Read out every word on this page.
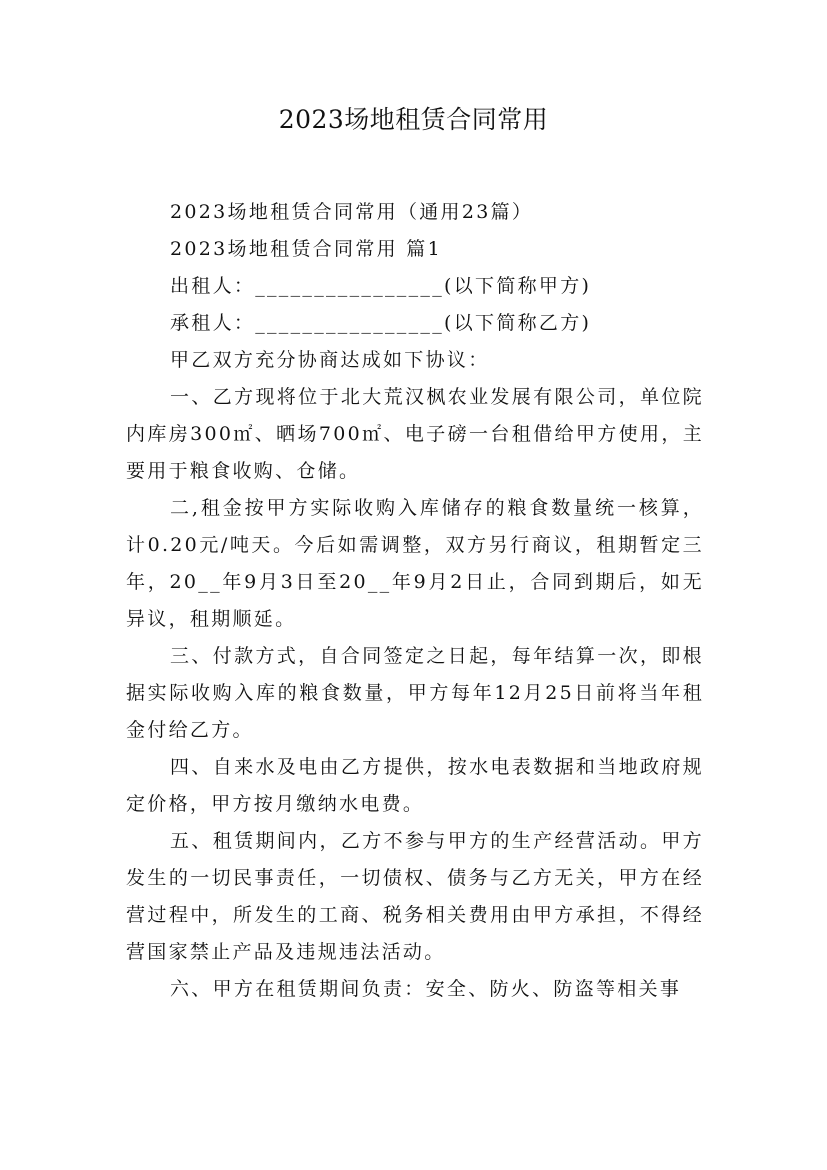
2023场地租赁合同常用

2023场地租赁合同常用（通用23篇）

2023场地租赁合同常用 篇1

出租人：________________(以下简称甲方)

承租人：________________(以下简称乙方)

甲乙双方充分协商达成如下协议：

一、乙方现将位于北大荒汉枫农业发展有限公司，单位院内库房300㎡、晒场700㎡、电子磅一台租借给甲方使用，主要用于粮食收购、仓储。

二,租金按甲方实际收购入库储存的粮食数量统一核算，计0.20元/吨天。今后如需调整，双方另行商议，租期暂定三年，20__年9月3日至20__年9月2日止，合同到期后，如无异议，租期顺延。

三、付款方式，自合同签定之日起，每年结算一次，即根据实际收购入库的粮食数量，甲方每年12月25日前将当年租金付给乙方。

四、自来水及电由乙方提供，按水电表数据和当地政府规定价格，甲方按月缴纳水电费。

五、租赁期间内，乙方不参与甲方的生产经营活动。甲方发生的一切民事责任，一切债权、债务与乙方无关，甲方在经营过程中，所发生的工商、税务相关费用由甲方承担，不得经营国家禁止产品及违规违法活动。

六、甲方在租赁期间负责：安全、防火、防盗等相关事
